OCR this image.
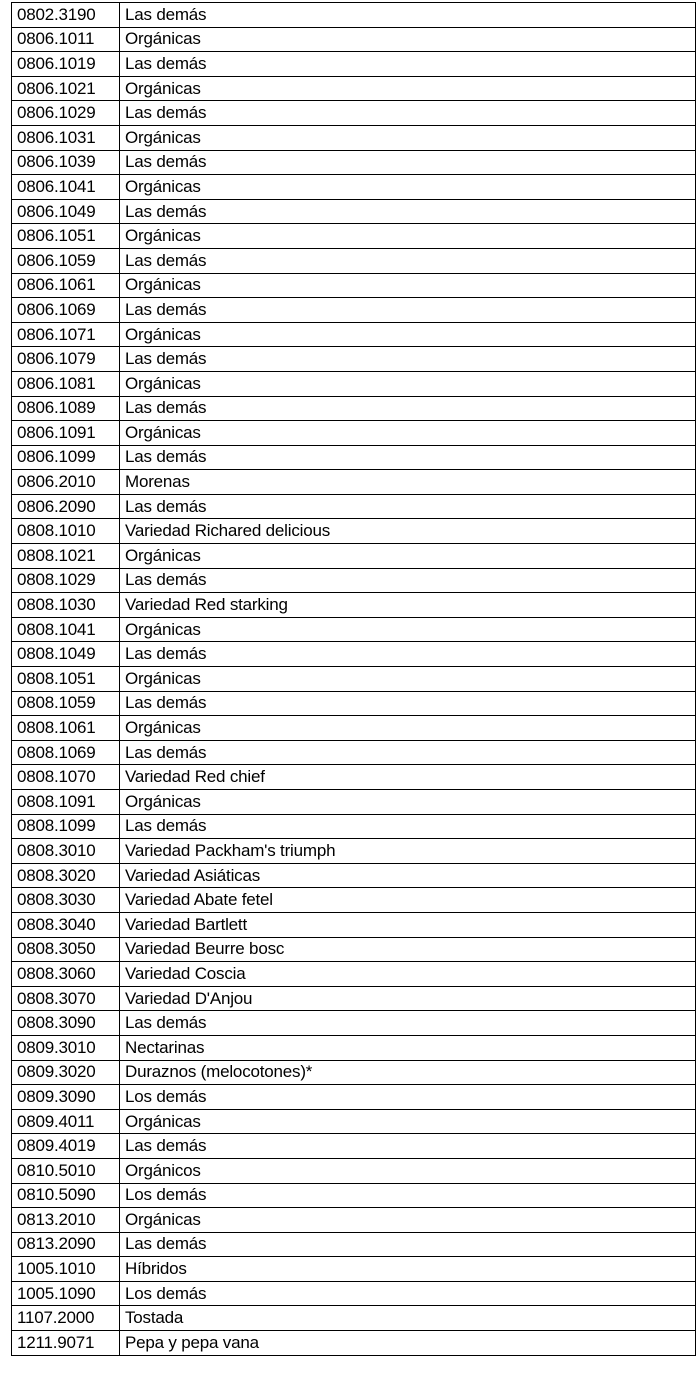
0802.3190	Las demás
0806.1011	Orgánicas
0806.1019	Las demás
0806.1021	Orgánicas
0806.1029	Las demás
0806.1031	Orgánicas
0806.1039	Las demás
0806.1041	Orgánicas
0806.1049	Las demás
0806.1051	Orgánicas
0806.1059	Las demás
0806.1061	Orgánicas
0806.1069	Las demás
0806.1071	Orgánicas
0806.1079	Las demás
0806.1081	Orgánicas
0806.1089	Las demás
0806.1091	Orgánicas
0806.1099	Las demás
0806.2010	Morenas
0806.2090	Las demás
0808.1010	Variedad Richared delicious
0808.1021	Orgánicas
0808.1029	Las demás
0808.1030	Variedad Red starking
0808.1041	Orgánicas
0808.1049	Las demás
0808.1051	Orgánicas
0808.1059	Las demás
0808.1061	Orgánicas
0808.1069	Las demás
0808.1070	Variedad Red chief
0808.1091	Orgánicas
0808.1099	Las demás
0808.3010	Variedad Packham's triumph
0808.3020	Variedad Asiáticas
0808.3030	Variedad Abate fetel
0808.3040	Variedad Bartlett
0808.3050	Variedad Beurre bosc
0808.3060	Variedad Coscia
0808.3070	Variedad D'Anjou
0808.3090	Las demás
0809.3010	Nectarinas
0809.3020	Duraznos (melocotones)*
0809.3090	Los demás
0809.4011	Orgánicas
0809.4019	Las demás
0810.5010	Orgánicos
0810.5090	Los demás
0813.2010	Orgánicas
0813.2090	Las demás
1005.1010	Híbridos
1005.1090	Los demás
1107.2000	Tostada
1211.9071	Pepa y pepa vana
